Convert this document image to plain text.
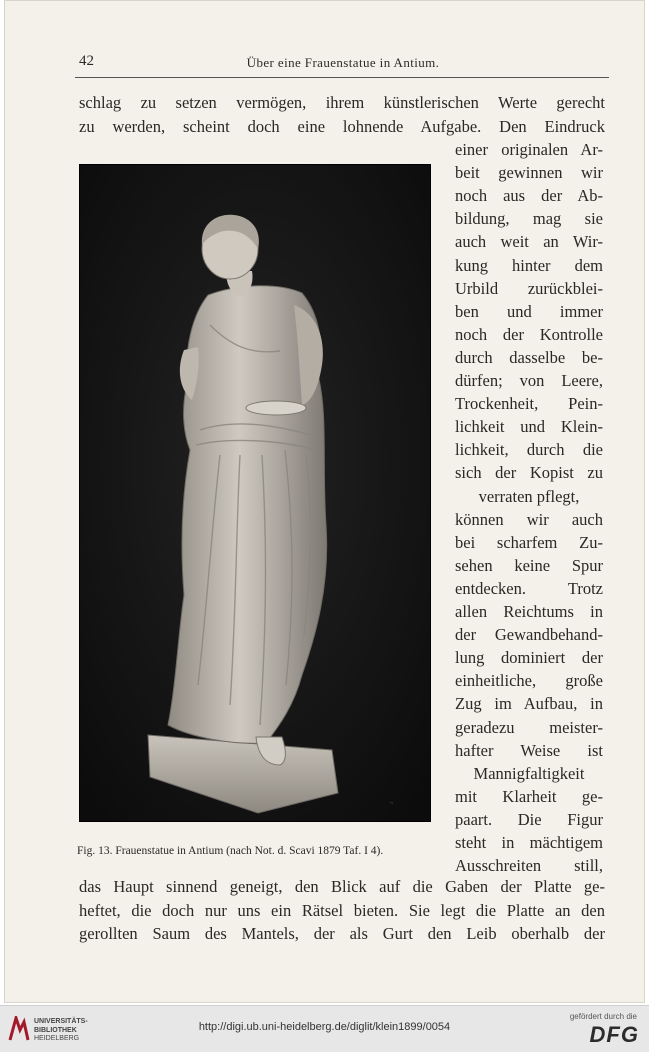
42	Über eine Frauenstatue in Antium.
schlag zu setzen vermögen, ihrem künstlerischen Werte gerecht
zu werden, scheint doch eine lohnende Aufgabe. Den Eindruck
einer originalen Ar-
beit gewinnen wir
noch aus der Ab-
bildung, mag sie
auch weit an Wir-
kung hinter dem
Urbild zurückblei-
ben und immer
noch der Kontrolle
durch dasselbe be-
dürfen; von Leere,
Trockenheit, Pein-
lichkeit und Klein-
lichkeit, durch die
sich der Kopist zu
verraten pflegt,
können wir auch
bei scharfem Zu-
sehen keine Spur
entdecken. Trotz
allen Reichtums in
der Gewandbehand-
lung dominiert der
einheitliche, große
Zug im Aufbau, in
geradezu meister-
hafter Weise ist
Mannigfaltigkeit
mit Klarheit ge-
paart. Die Figur
steht in mächtigem
Ausschreiten still,
~
Fig. 13. Frauenstatue in Antium (nach Not. d. Scavi 1879 Taf. I 4).
das Haupt sinnend geneigt, den Blick auf die Gaben der Platte ge-
heftet, die doch nur uns ein Rätsel bieten. Sie legt die Platte an den
gerollten Saum des Mantels, der als Gurt den Leib oberhalb der
UNIVERSITÄTS-
BIBLIOTHEK
HEIDELBERG
http://digi.ub.uni-heidelberg.de/diglit/klein1899/0054
gefördert durch die
DFG
